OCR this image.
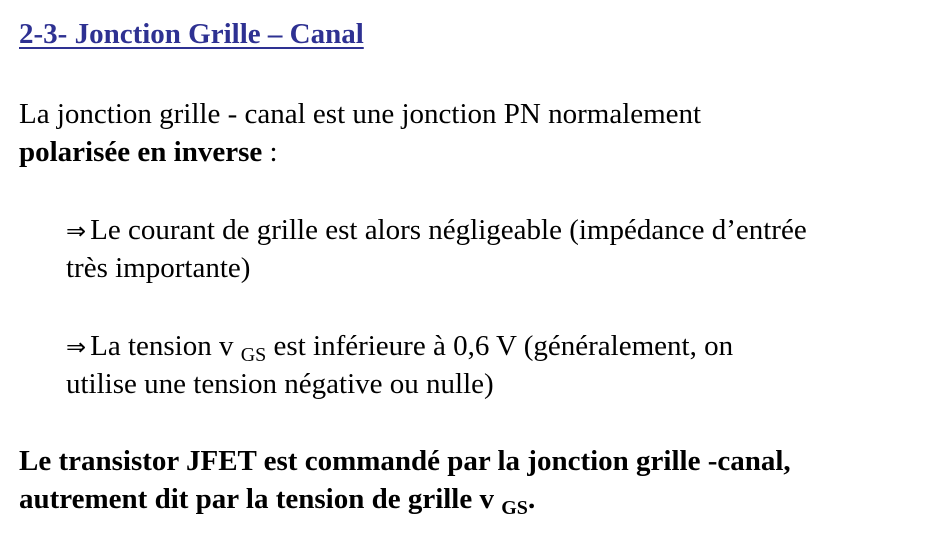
2-3- Jonction Grille – Canal
La jonction grille - canal est une jonction PN normalement
polarisée en inverse :
⇒ Le courant de grille est alors négligeable (impédance d’entrée
très importante)
⇒ La tension v $_{GS}$ est inférieure à 0,6 V (généralement, on
utilise une tension négative ou nulle)
Le transistor JFET est commandé par la jonction grille -canal,
autrement dit par la tension de grille v $_{GS}$.
